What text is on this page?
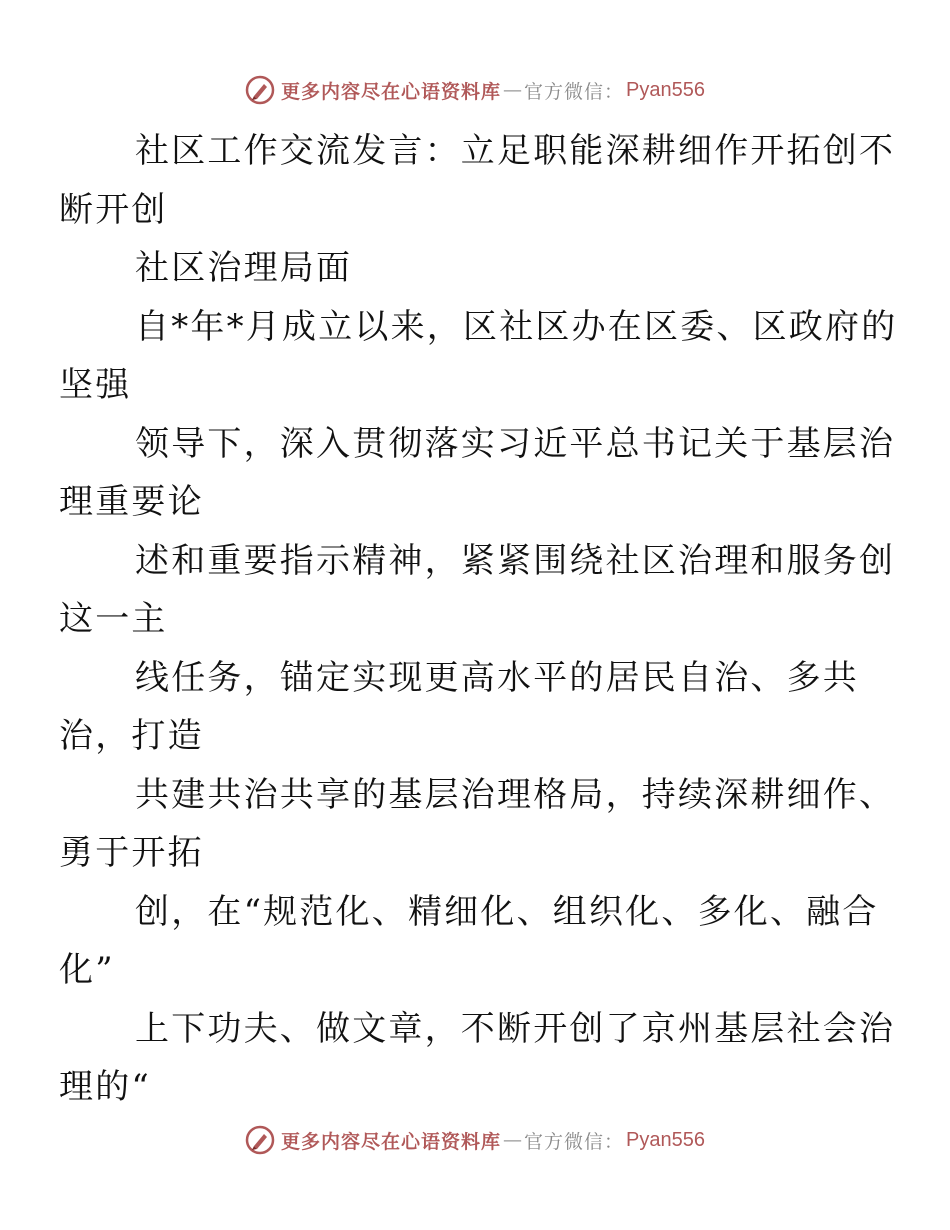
更多内容尽在心语资料库 — 官方微信： Pyan556

社区工作交流发言：立足职能深耕细作开拓创不
断开创

社区治理局面

自*年*月成立以来，区社区办在区委、区政府的
坚强

领导下，深入贯彻落实习近平总书记关于基层治
理重要论

述和重要指示精神，紧紧围绕社区治理和服务创
这一主

线任务，锚定实现更高水平的居民自治、多共
治，打造

共建共治共享的基层治理格局，持续深耕细作、
勇于开拓

创，在“规范化、精细化、组织化、多化、融合
化”

上下功夫、做文章，不断开创了京州基层社会治
理的“

更多内容尽在心语资料库 — 官方微信： Pyan556
